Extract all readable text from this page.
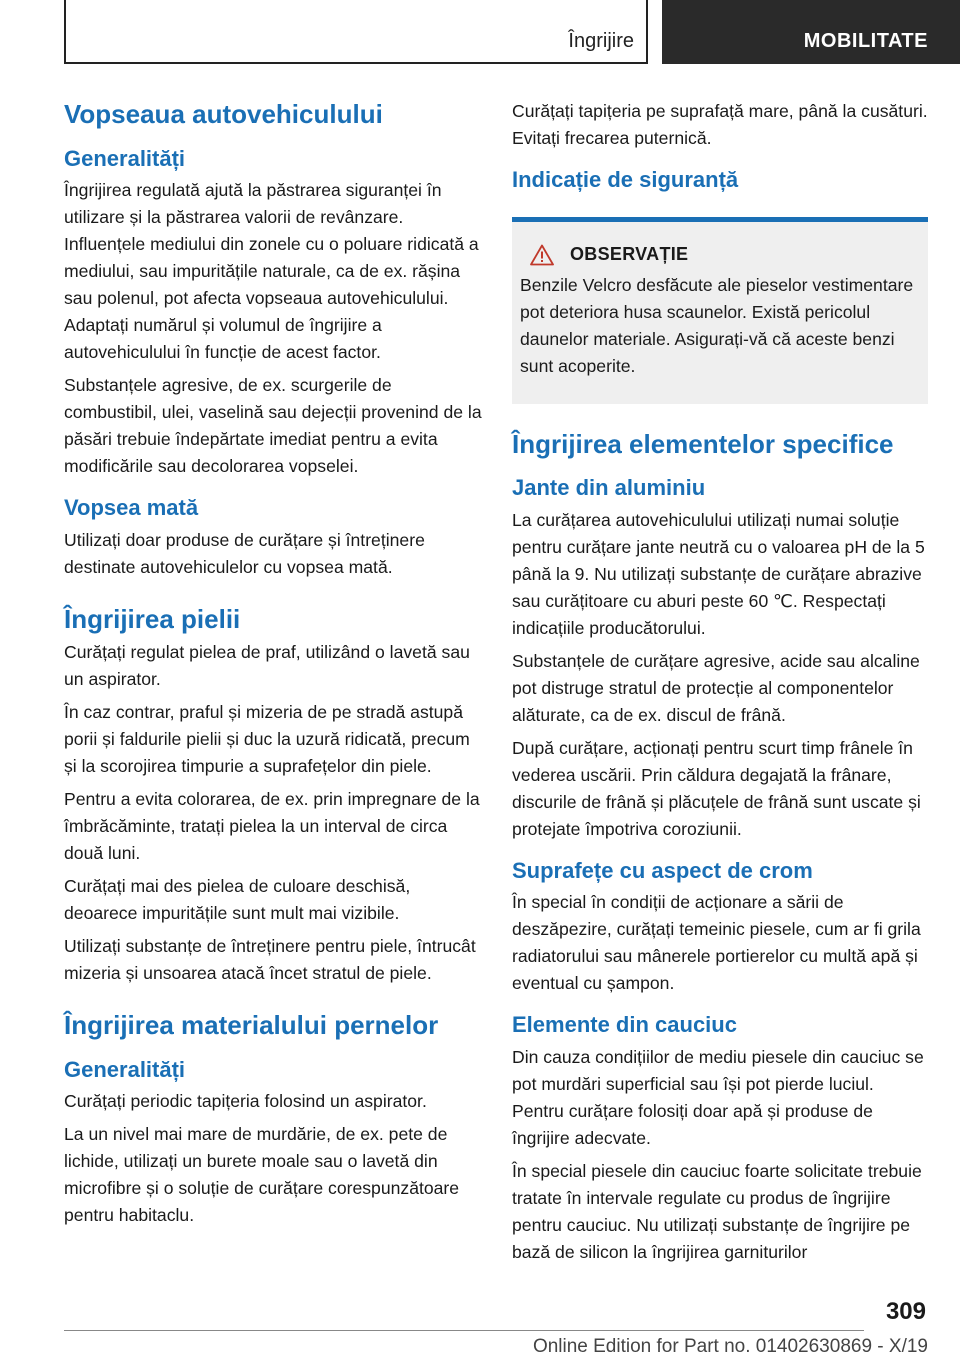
Îngrijire	MOBILITATE
Vopseaua autovehiculului
Generalități

Îngrijirea regulată ajută la păstrarea siguranței în utilizare și la păstrarea valorii de revânzare. Influențele mediului din zonele cu o poluare ridicată a mediului, sau impuritățile naturale, ca de ex. rășina sau polenul, pot afecta vopseaua autovehiculului. Adaptați numărul și volumul de îngrijire a autovehiculului în funcție de acest factor.

Substanțele agresive, de ex. scurgerile de combustibil, ulei, vaselină sau dejecții provenind de la păsări trebuie îndepărtate imediat pentru a evita modificările sau decolorarea vopselei.

Vopsea mată

Utilizați doar produse de curățare și întreținere destinate autovehiculelor cu vopsea mată.

Îngrijirea pielii

Curățați regulat pielea de praf, utilizând o lavetă sau un aspirator.

În caz contrar, praful și mizeria de pe stradă astupă porii și faldurile pielii și duc la uzură ridicată, precum și la scorojirea timpurie a suprafețelor din piele.

Pentru a evita colorarea, de ex. prin impregnare de la îmbrăcăminte, tratați pielea la un interval de circa două luni.

Curățați mai des pielea de culoare deschisă, deoarece impuritățile sunt mult mai vizibile.

Utilizați substanțe de întreținere pentru piele, întrucât mizeria și unsoarea atacă încet stratul de piele.

Îngrijirea materialului pernelor
Generalități

Curățați periodic tapițeria folosind un aspirator.

La un nivel mai mare de murdărie, de ex. pete de lichide, utilizați un burete moale sau o lavetă din microfibre și o soluție de curățare corespunzătoare pentru habitaclu.

Curățați tapițeria pe suprafață mare, până la cusături. Evitați frecarea puternică.

Indicație de siguranță
OBSERVAȚIE

Benzile Velcro desfăcute ale pieselor vestimentare pot deteriora husa scaunelor. Există pericolul daunelor materiale. Asigurați-vă că aceste benzi sunt acoperite.

Îngrijirea elementelor specifice
Jante din aluminiu

La curățarea autovehiculului utilizați numai soluție pentru curățare jante neutră cu o valoarea pH de la 5 până la 9. Nu utilizați substanțe de curățare abrazive sau curățitoare cu aburi peste 60 ℃. Respectați indicațiile producătorului.

Substanțele de curățare agresive, acide sau alcaline pot distruge stratul de protecție al componentelor alăturate, ca de ex. discul de frână.

După curățare, acționați pentru scurt timp frânele în vederea uscării. Prin căldura degajată la frânare, discurile de frână și plăcuțele de frână sunt uscate și protejate împotriva coroziunii.

Suprafețe cu aspect de crom

În special în condiții de acționare a sării de deszăpezire, curățați temeinic piesele, cum ar fi grila radiatorului sau mânerele portierelor cu multă apă și eventual cu șampon.

Elemente din cauciuc

Din cauza condițiilor de mediu piesele din cauciuc se pot murdări superficial sau își pot pierde luciul. Pentru curățare folosiți doar apă și produse de îngrijire adecvate.

În special piesele din cauciuc foarte solicitate trebuie tratate în intervale regulate cu produs de îngrijire pentru cauciuc. Nu utilizați substanțe de îngrijire pe bază de silicon la îngrijirea garniturilor

309
Online Edition for Part no. 01402630869 - X/19
